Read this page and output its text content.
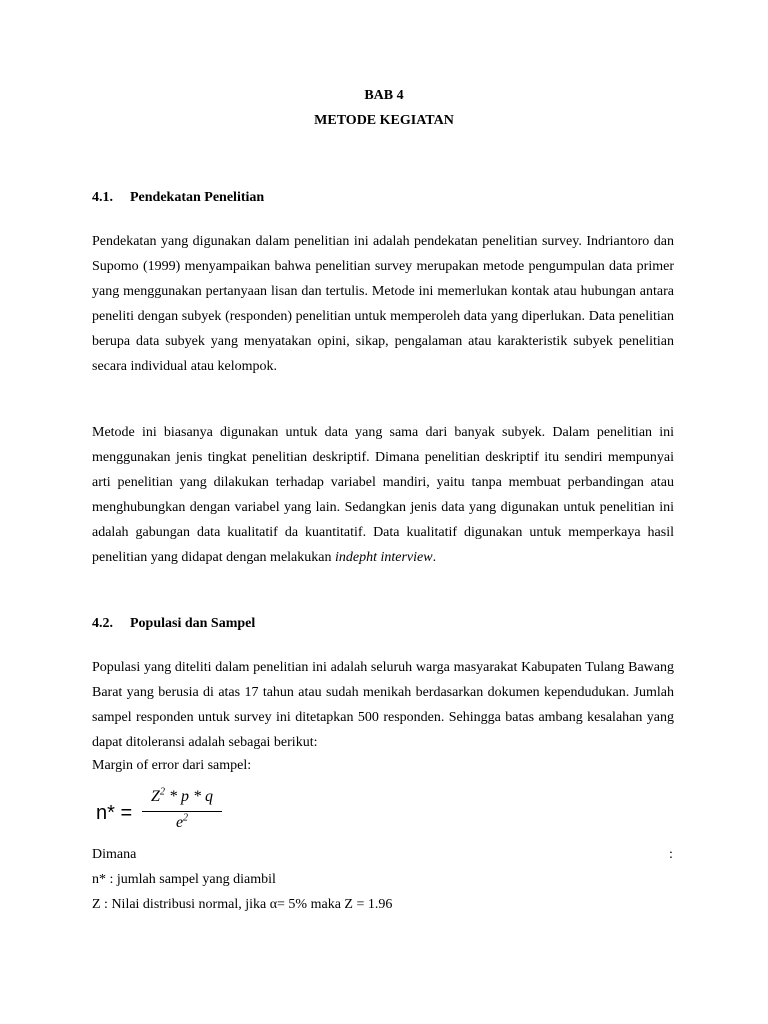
BAB 4
METODE KEGIATAN
4.1. Pendekatan Penelitian
Pendekatan yang digunakan dalam penelitian ini adalah pendekatan penelitian survey. Indriantoro dan Supomo (1999) menyampaikan bahwa penelitian survey merupakan metode pengumpulan data primer yang menggunakan pertanyaan lisan dan tertulis. Metode ini memerlukan kontak atau hubungan antara peneliti dengan subyek (responden) penelitian untuk memperoleh data yang diperlukan. Data penelitian berupa data subyek yang menyatakan opini, sikap, pengalaman atau karakteristik subyek penelitian secara individual atau kelompok.
Metode ini biasanya digunakan untuk data yang sama dari banyak subyek. Dalam penelitian ini menggunakan jenis tingkat penelitian deskriptif. Dimana penelitian deskriptif itu sendiri mempunyai arti penelitian yang dilakukan terhadap variabel mandiri, yaitu tanpa membuat perbandingan atau menghubungkan dengan variabel yang lain. Sedangkan jenis data yang digunakan untuk penelitian ini adalah gabungan data kualitatif da kuantitatif. Data kualitatif digunakan untuk memperkaya hasil penelitian yang didapat dengan melakukan indepht interview.
4.2. Populasi dan Sampel
Populasi yang diteliti dalam penelitian ini adalah seluruh warga masyarakat Kabupaten Tulang Bawang Barat yang berusia di atas 17 tahun atau sudah menikah berdasarkan dokumen kependudukan. Jumlah sampel responden untuk survey ini ditetapkan 500 responden. Sehingga batas ambang kesalahan yang dapat ditoleransi adalah sebagai berikut:
Margin of error dari sampel:
n* =
$Z^2$ * p * q
$e^2$
Dimana	:
n* : jumlah sampel yang diambil
Z : Nilai distribusi normal, jika α= 5% maka Z = 1.96
